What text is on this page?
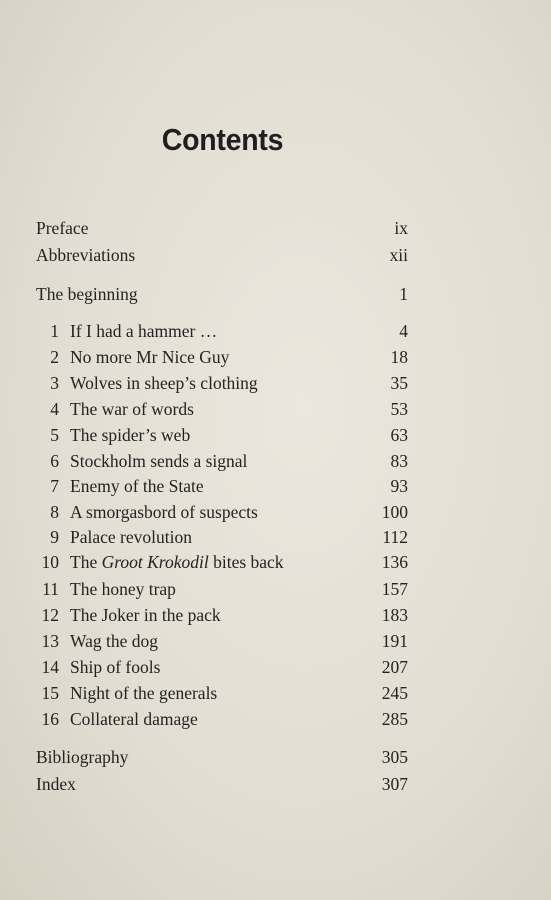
Contents
Preface	ix
Abbreviations	xii
The beginning	1
1 If I had a hammer …	4
2 No more Mr Nice Guy	18
3 Wolves in sheep’s clothing	35
4 The war of words	53
5 The spider’s web	63
6 Stockholm sends a signal	83
7 Enemy of the State	93
8 A smorgasbord of suspects	100
9 Palace revolution	112
10 The Groot Krokodil bites back	136
11 The honey trap	157
12 The Joker in the pack	183
13 Wag the dog	191
14 Ship of fools	207
15 Night of the generals	245
16 Collateral damage	285
Bibliography	305
Index	307
